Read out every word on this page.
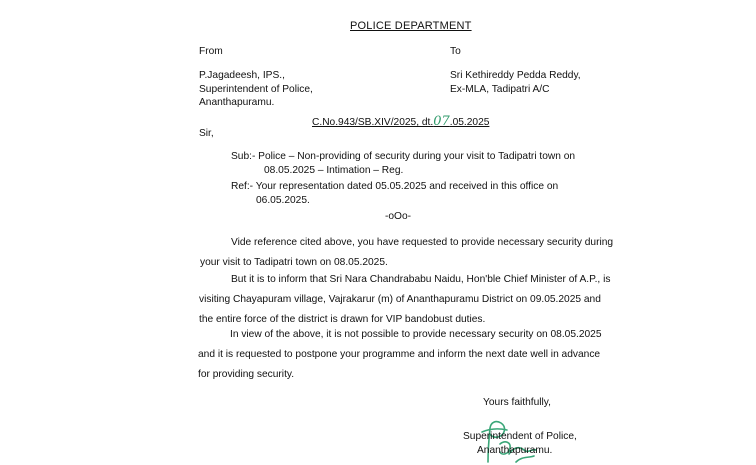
POLICE DEPARTMENT
From	To
P.Jagadeesh, IPS.,
Superintendent of Police,
Ananthapuramu.
Sri Kethireddy Pedda Reddy,
Ex-MLA, Tadipatri A/C
C.No.943/SB.XIV/2025, dt.07.05.2025
Sir,
Sub:- Police – Non-providing of security during your visit to Tadipatri town on
08.05.2025 – Intimation – Reg.
Ref:- Your representation dated 05.05.2025 and received in this office on
06.05.2025.
-oOo-
Vide reference cited above, you have requested to provide necessary security during
your visit to Tadipatri town on 08.05.2025.
But it is to inform that Sri Nara Chandrababu Naidu, Hon'ble Chief Minister of A.P., is
visiting Chayapuram village, Vajrakarur (m) of Ananthapuramu District on 09.05.2025 and
the entire force of the district is drawn for VIP bandobust duties.
In view of the above, it is not possible to provide necessary security on 08.05.2025
and it is requested to postpone your programme and inform the next date well in advance
for providing security.
Yours faithfully,
Superintendent of Police,
Ananthapuramu.
